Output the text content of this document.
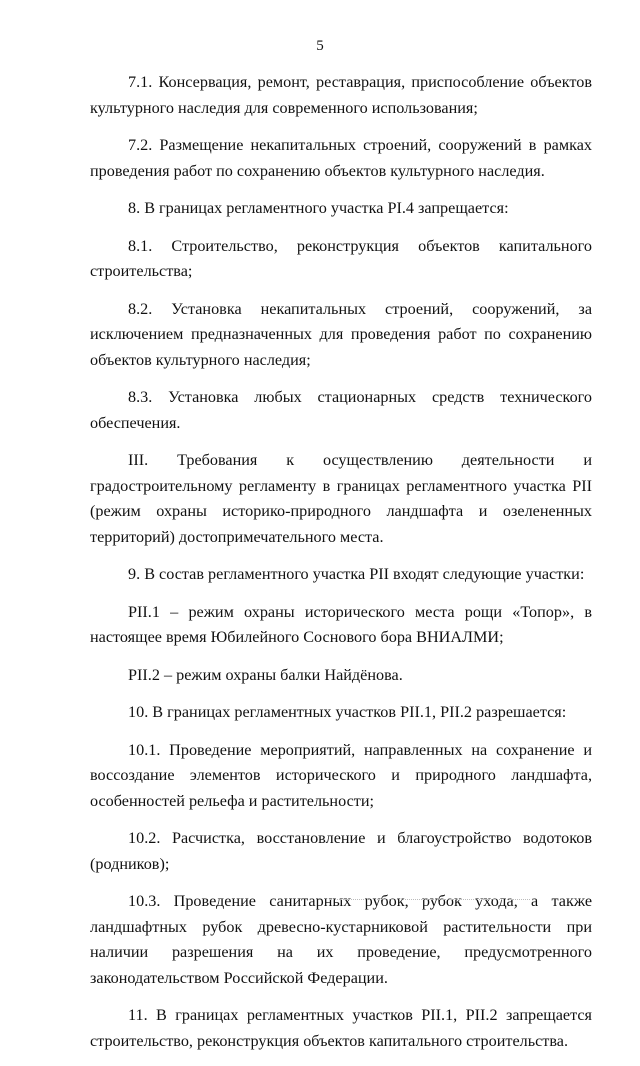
5

7.1. Консервация, ремонт, реставрация, приспособление объектов культурного наследия для современного использования;

7.2. Размещение некапитальных строений, сооружений в рамках проведения работ по сохранению объектов культурного наследия.

8. В границах регламентного участка РI.4 запрещается:

8.1. Строительство, реконструкция объектов капитального строительства;

8.2. Установка некапитальных строений, сооружений, за исключением предназначенных для проведения работ по сохранению объектов культурного наследия;

8.3. Установка любых стационарных средств технического обеспечения.

III. Требования к осуществлению деятельности и градостроительному регламенту в границах регламентного участка РII (режим охраны историко-природного ландшафта и озелененных территорий) достопримечательного места.

9. В состав регламентного участка РII входят следующие участки:

РII.1 – режим охраны исторического места рощи «Топор», в настоящее время Юбилейного Соснового бора ВНИАЛМИ;

РII.2 – режим охраны балки Найдёнова.

10. В границах регламентных участков РII.1, РII.2 разрешается:

10.1. Проведение мероприятий, направленных на сохранение и воссоздание элементов исторического и природного ландшафта, особенностей рельефа и растительности;

10.2. Расчистка, восстановление и благоустройство водотоков (родников);

10.3. Проведение санитарных рубок, рубок ухода, а также ландшафтных рубок древесно-кустарниковой растительности при наличии разрешения на их проведение, предусмотренного законодательством Российской Федерации.

11. В границах регламентных участков РII.1, РII.2 запрещается строительство, реконструкция объектов капитального строительства.
